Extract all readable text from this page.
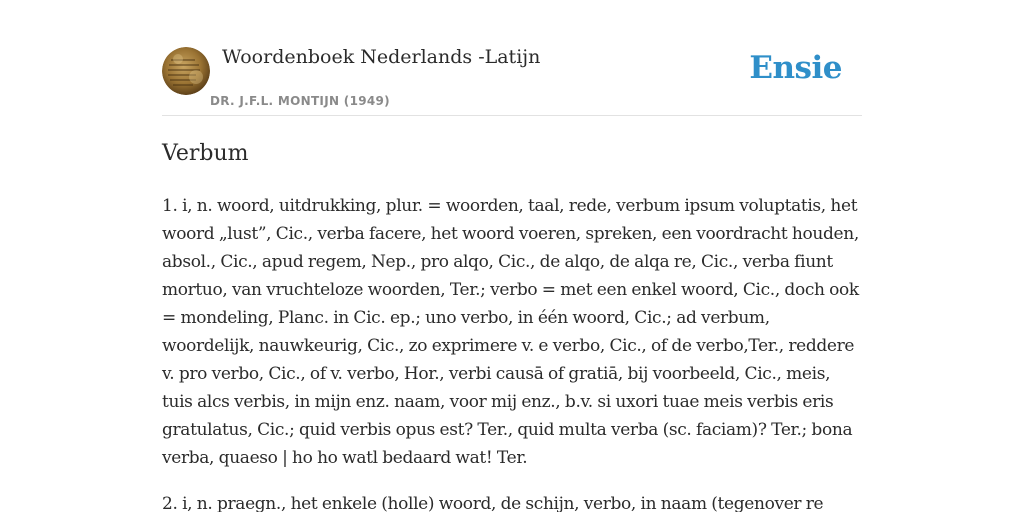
Woordenboek Nederlands -Latijn
DR. J.F.L. MONTIJN (1949)
Ensie
Verbum

1. i, n. woord, uitdrukking, plur. = woorden, taal, rede, verbum ipsum voluptatis, het woord „lust”, Cic., verba facere, het woord voeren, spreken, een voordracht houden, absol., Cic., apud regem, Nep., pro alqo, Cic., de alqo, de alqa re, Cic., verba fiunt mortuo, van vruchteloze woorden, Ter.; verbo = met een enkel woord, Cic., doch ook = mondeling, Planc. in Cic. ep.; uno verbo, in één woord, Cic.; ad verbum, woordelijk, nauwkeurig, Cic., zo exprimere v. e verbo, Cic., of de verbo,Ter., reddere v. pro verbo, Cic., of v. verbo, Hor., verbi causā of gratiā, bij voorbeeld, Cic., meis, tuis alcs verbis, in mijn enz. naam, voor mij enz., b.v. si uxori tuae meis verbis eris gratulatus, Cic.; quid verbis opus est? Ter., quid multa verba (sc. faciam)? Ter.; bona verba, quaeso | ho ho watl bedaard wat! Ter.

2. i, n. praegn., het enkele (holle) woord, de schijn, verbo, in naam (tegenover re
